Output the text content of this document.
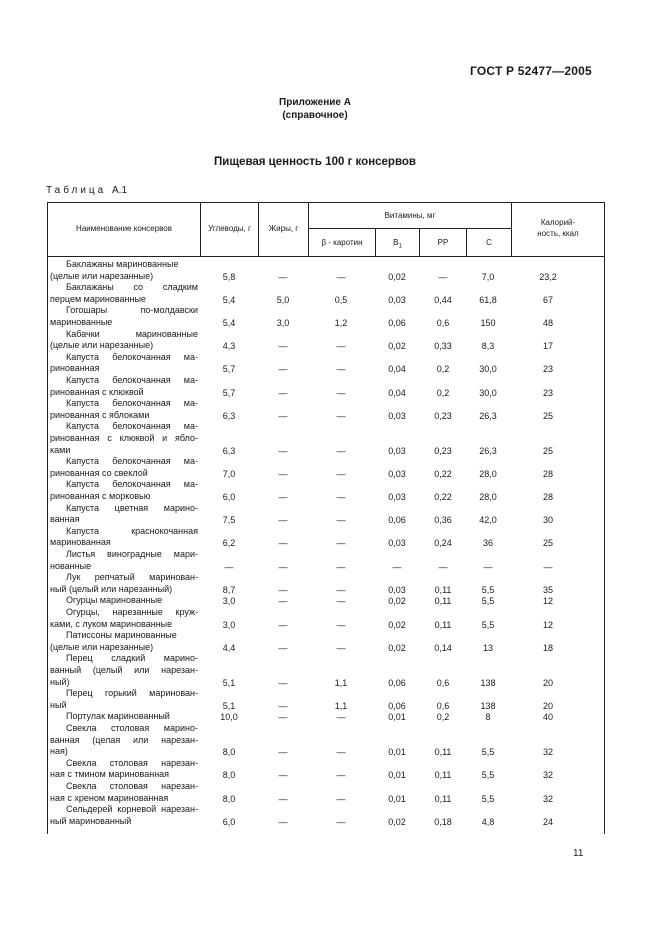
ГОСТ Р 52477—2005
Приложение А
(справочное)
Пищевая ценность 100 г консервов
Таблица А.1
Наименование консервов	Углеводы, г	Жиры, г
Витамины, мг
β - каротин	$В_1$	РР	С
Калорий-
ность, ккал
Баклажаны маринованные
(целые или нарезанные)	5,8	—	—	0,02	—	7,0	23,2
Баклажаны со сладким
перцем маринованные	5,4	5,0	0,5	0,03	0,44	61,8	67
Гогошары по-молдавски
маринованные	5,4	3,0	1,2	0,06	0,6	150	48
Кабачки маринованные
(целые или нарезанные)	4,3	—	—	0,02	0,33	8,3	17
Капуста белокочанная ма-
ринованная	5,7	—	—	0,04	0,2	30,0	23
Капуста белокочанная ма-
ринованная с клюквой	5,7	—	—	0,04	0,2	30,0	23
Капуста белокочанная ма-
ринованная с яблоками	6,3	—	—	0,03	0,23	26,3	25
Капуста белокочанная ма-
ринованная с клюквой и ябло-
ками	6,3	—	—	0,03	0,23	26,3	25
Капуста белокочанная ма-
ринованная со свеклой	7,0	—	—	0,03	0,22	28,0	28
Капуста белокочанная ма-
ринованная с морковью	6,0	—	—	0,03	0,22	28,0	28
Капуста цветная марино-
ванная	7,5	—	—	0,06	0,36	42,0	30
Капуста краснокочанная
маринованная	6,2	—	—	0,03	0,24	36	25
Листья виноградные мари-
нованные	—	—	—	—	—	—	—
Лук репчатый маринован-
ный (целый или нарезанный)	8,7	—	—	0,03	0,11	5,5	35
Огурцы маринованные	3,0	—	—	0,02	0,11	5,5	12
Огурцы, нарезанные круж-
ками, с луком маринованные	3,0	—	—	0,02	0,11	5,5	12
Патиссоны маринованные
(целые или нарезанные)	4,4	—	—	0,02	0,14	13	18
Перец сладкий марино-
ванный (целый или нарезан-
ный)	5,1	—	1,1	0,06	0,6	138	20
Перец горький маринован-
ный	5,1	—	1,1	0,06	0,6	138	20
Портулак маринованный	10,0	—	—	0,01	0,2	8	40
Свекла столовая марино-
ванная (целая или нарезан-
ная)	8,0	—	—	0,01	0,11	5,5	32
Свекла столовая нарезан-
ная с тмином маринованная	8,0	—	—	0,01	0,11	5,5	32
Свекла столовая нарезан-
ная с хреном маринованная	8,0	—	—	0,01	0,11	5,5	32
Сельдерей корневой нарезан-
ный маринованный	6,0	—	—	0,02	0,18	4,8	24
11
